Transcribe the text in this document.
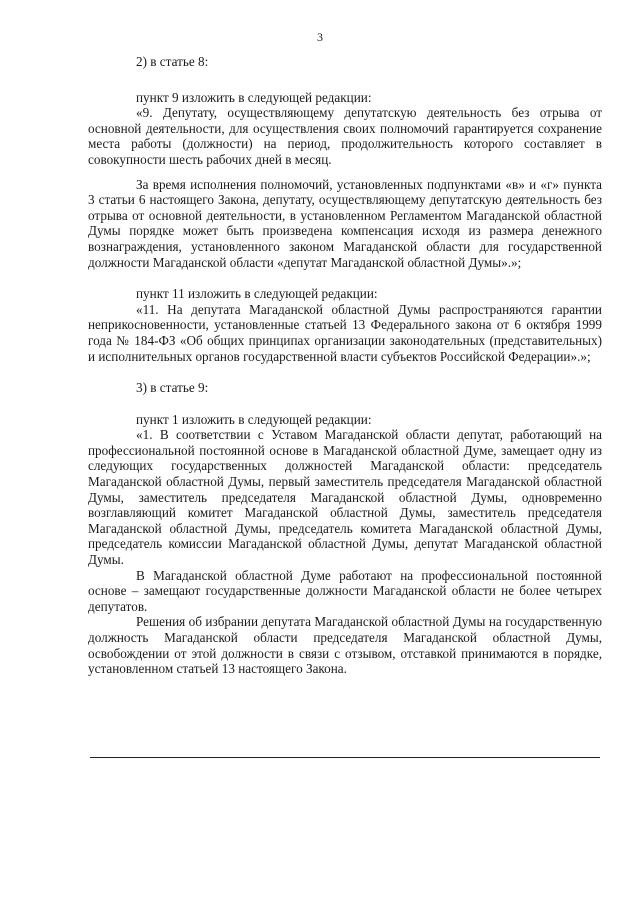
3

2) в статье 8:

пункт 9 изложить в следующей редакции:

«9. Депутату, осуществляющему депутатскую деятельность без отрыва от основной деятельности, для осуществления своих полномочий гарантируется сохранение места работы (должности) на период, продолжительность которого составляет в совокупности шесть рабочих дней в месяц.

За время исполнения полномочий, установленных подпунктами «в» и «г» пункта 3 статьи 6 настоящего Закона, депутату, осуществляющему депутатскую деятельность без отрыва от основной деятельности, в установленном Регламентом Магаданской областной Думы порядке может быть произведена компенсация исходя из размера денежного вознаграждения, установленного законом Магаданской области для государственной должности Магаданской области «депутат Магаданской областной Думы».»;

пункт 11 изложить в следующей редакции:

«11. На депутата Магаданской областной Думы распространяются гарантии неприкосновенности, установленные статьей 13 Федерального закона от 6 октября 1999 года № 184-ФЗ «Об общих принципах организации законодательных (представительных) и исполнительных органов государственной власти субъектов Российской Федерации».»;

3) в статье 9:

пункт 1 изложить в следующей редакции:

«1. В соответствии с Уставом Магаданской области депутат, работающий на профессиональной постоянной основе в Магаданской областной Думе, замещает одну из следующих государственных должностей Магаданской области: председатель Магаданской областной Думы, первый заместитель председателя Магаданской областной Думы, заместитель председателя Магаданской областной Думы, одновременно возглавляющий комитет Магаданской областной Думы, заместитель председателя Магаданской областной Думы, председатель комитета Магаданской областной Думы, председатель комиссии Магаданской областной Думы, депутат Магаданской областной Думы.

В Магаданской областной Думе работают на профессиональной постоянной основе – замещают государственные должности Магаданской области не более четырех депутатов.

Решения об избрании депутата Магаданской областной Думы на государственную должность Магаданской области председателя Магаданской областной Думы, освобождении от этой должности в связи с отзывом, отставкой принимаются в порядке, установленном статьей 13 настоящего Закона.
